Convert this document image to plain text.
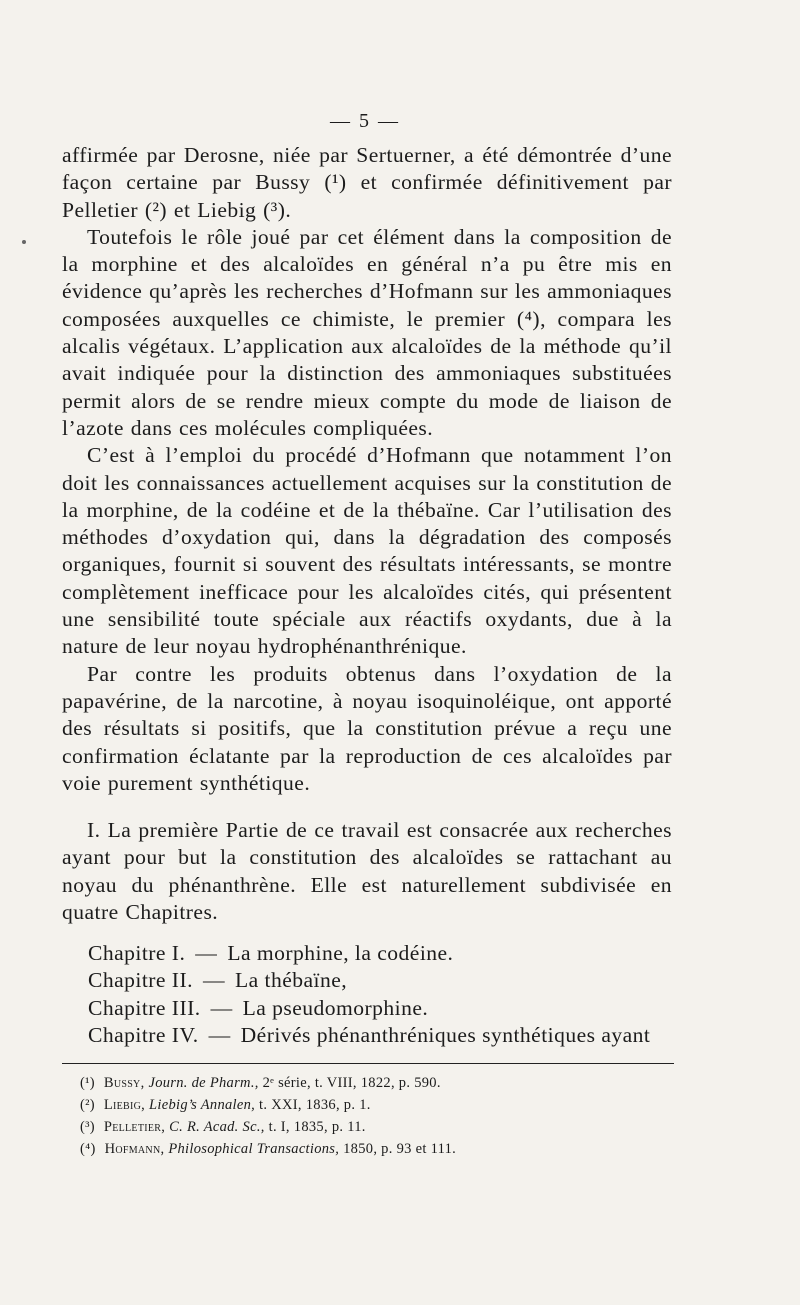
— 5 —

affirmée par Derosne, niée par Sertuerner, a été démontrée d’une façon certaine par Bussy (¹) et confirmée définitivement par Pelletier (²) et Liebig (³).

Toutefois le rôle joué par cet élément dans la composition de la morphine et des alcaloïdes en général n’a pu être mis en évidence qu’après les recherches d’Hofmann sur les ammoniaques composées auxquelles ce chimiste, le premier (⁴), compara les alcalis végétaux. L’application aux alcaloïdes de la méthode qu’il avait indiquée pour la distinction des ammoniaques substituées permit alors de se rendre mieux compte du mode de liaison de l’azote dans ces molécules compliquées.

C’est à l’emploi du procédé d’Hofmann que notamment l’on doit les connaissances actuellement acquises sur la constitution de la morphine, de la codéine et de la thébaïne. Car l’utilisation des méthodes d’oxydation qui, dans la dégradation des composés organiques, fournit si souvent des résultats intéressants, se montre complètement inefficace pour les alcaloïdes cités, qui présentent une sensibilité toute spéciale aux réactifs oxydants, due à la nature de leur noyau hydrophénanthrénique.

Par contre les produits obtenus dans l’oxydation de la papavérine, de la narcotine, à noyau isoquinoléique, ont apporté des résultats si positifs, que la constitution prévue a reçu une confirmation éclatante par la reproduction de ces alcaloïdes par voie purement synthétique.

I. La première Partie de ce travail est consacrée aux recherches ayant pour but la constitution des alcaloïdes se rattachant au noyau du phénanthrène. Elle est naturellement subdivisée en quatre Chapitres.

Chapitre I. — La morphine, la codéine.
Chapitre II. — La thébaïne,
Chapitre III. — La pseudomorphine.
Chapitre IV. — Dérivés phénanthréniques synthétiques ayant
(¹) Bussy, Journ. de Pharm., 2ᵉ série, t. VIII, 1822, p. 590.
(²) Liebig, Liebig’s Annalen, t. XXI, 1836, p. 1.
(³) Pelletier, C. R. Acad. Sc., t. I, 1835, p. 11.
(⁴) Hofmann, Philosophical Transactions, 1850, p. 93 et 111.
